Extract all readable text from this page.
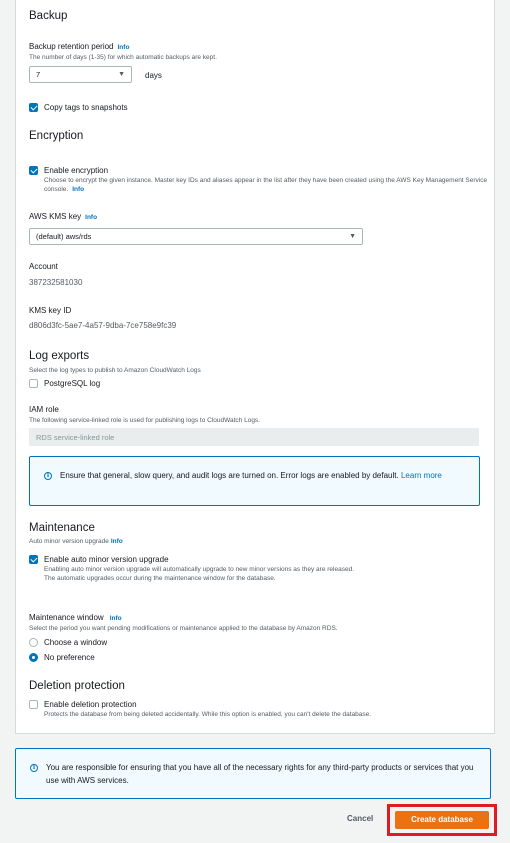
Backup
Backup retention period Info
The number of days (1-35) for which automatic backups are kept.
7	▼	days
Copy tags to snapshots
Encryption
Enable encryption
Choose to encrypt the given instance. Master key IDs and aliases appear in the list after they have been created using the AWS Key Management Service console. Info
AWS KMS key Info
(default) aws/rds	▼
Account
387232581030
KMS key ID
d806d3fc-5ae7-4a57-9dba-7ce758e9fc39
Log exports
Select the log types to publish to Amazon CloudWatch Logs
PostgreSQL log
IAM role
The following service-linked role is used for publishing logs to CloudWatch Logs.
RDS service-linked role
i	Ensure that general, slow query, and audit logs are turned on. Error logs are enabled by default. Learn more
Maintenance
Auto minor version upgrade Info
Enable auto minor version upgrade
Enabling auto minor version upgrade will automatically upgrade to new minor versions as they are released. The automatic upgrades occur during the maintenance window for the database.
Maintenance window Info
Select the period you want pending modifications or maintenance applied to the database by Amazon RDS.
Choose a window
No preference
Deletion protection
Enable deletion protection
Protects the database from being deleted accidentally. While this option is enabled, you can't delete the database.
i	You are responsible for ensuring that you have all of the necessary rights for any third-party products or services that you use with AWS services.
Cancel	Create database
